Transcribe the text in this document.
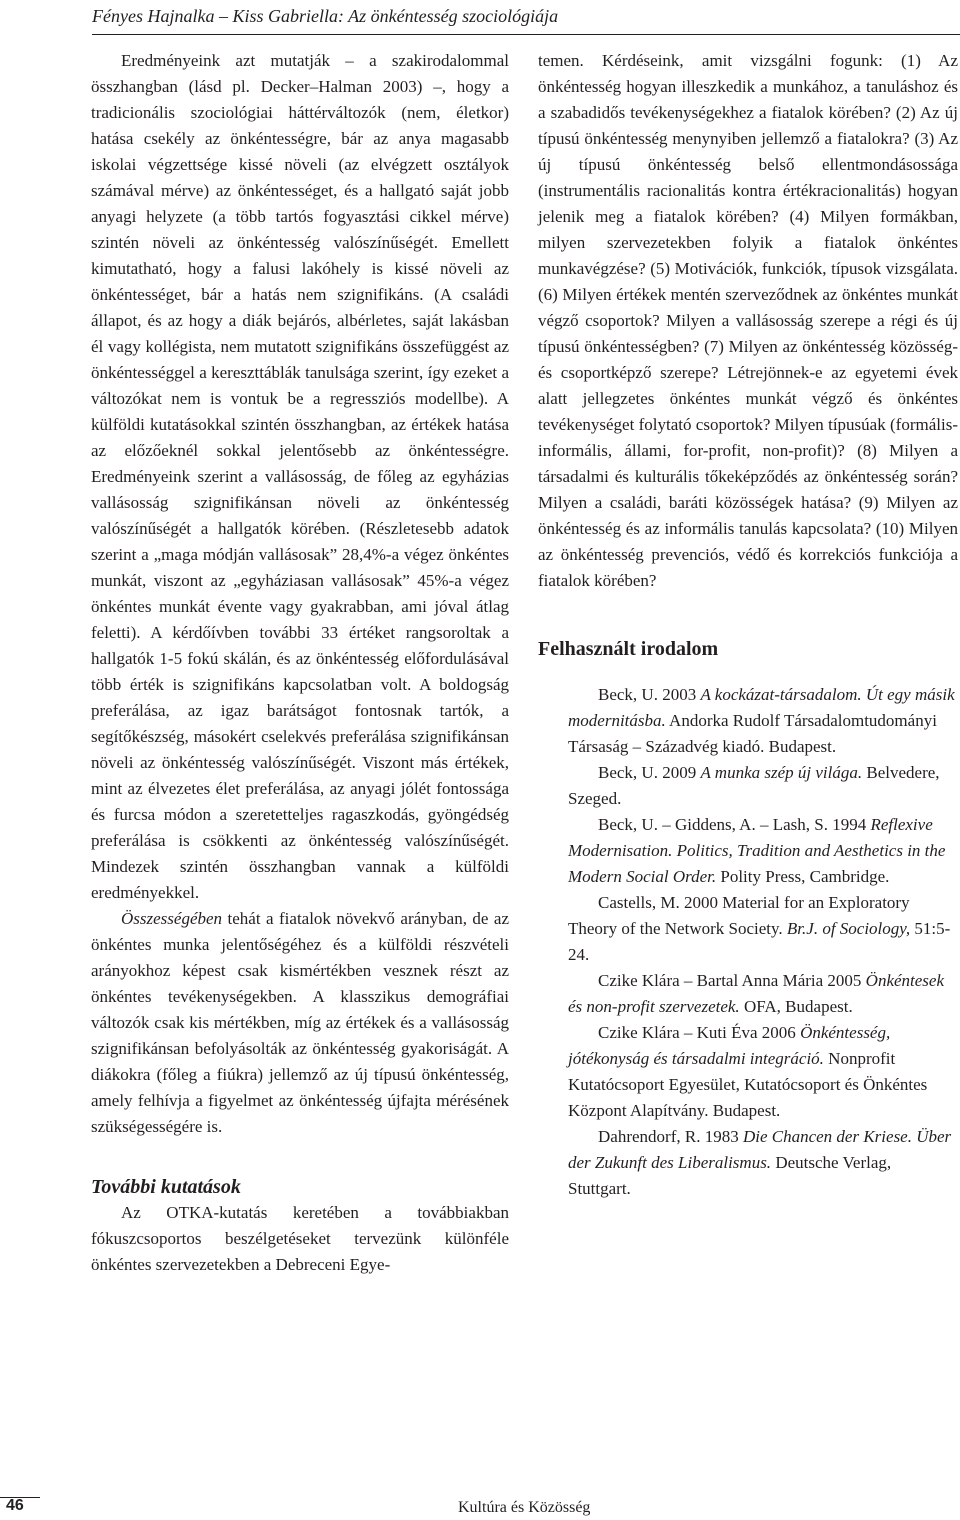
Fényes Hajnalka – Kiss Gabriella: Az önkéntesség szociológiája

Eredményeink azt mutatják – a szakirodalommal összhangban (lásd pl. Decker–Halman 2003) –, hogy a tradicionális szociológiai háttérváltozók (nem, életkor) hatása csekély az önkéntességre, bár az anya magasabb iskolai végzettsége kissé növeli (az elvégzett osztályok számával mérve) az önkéntességet, és a hallgató saját jobb anyagi helyzete (a több tartós fogyasztási cikkel mérve) szintén növeli az önkéntesség valószínűségét. Emellett kimutatható, hogy a falusi lakóhely is kissé növeli az önkéntességet, bár a hatás nem szignifikáns. (A családi állapot, és az hogy a diák bejárós, albérletes, saját lakásban él vagy kollégista, nem mutatott szignifikáns összefüggést az önkéntességgel a kereszttáblák tanulsága szerint, így ezeket a változókat nem is vontuk be a regressziós modellbe). A külföldi kutatásokkal szintén összhangban, az értékek hatása az előzőeknél sokkal jelentősebb az önkéntességre. Eredményeink szerint a vallásosság, de főleg az egyházias vallásosság szignifikánsan növeli az önkéntesség valószínűségét a hallgatók körében. (Részletesebb adatok szerint a „maga módján vallásosak” 28,4%-a végez önkéntes munkát, viszont az „egyháziasan vallásosak” 45%-a végez önkéntes munkát évente vagy gyakrabban, ami jóval átlag feletti). A kérdőívben további 33 értéket rangsoroltak a hallgatók 1-5 fokú skálán, és az önkéntesség előfordulásával több érték is szignifikáns kapcsolatban volt. A boldogság preferálása, az igaz barátságot fontosnak tartók, a segítőkészség, másokért cselekvés preferálása szignifikánsan növeli az önkéntesség valószínűségét. Viszont más értékek, mint az élvezetes élet preferálása, az anyagi jólét fontossága és furcsa módon a szeretetteljes ragaszkodás, gyöngédség preferálása is csökkenti az önkéntesség valószínűségét. Mindezek szintén összhangban vannak a külföldi eredményekkel.

Összességében tehát a fiatalok növekvő arányban, de az önkéntes munka jelentőségéhez és a külföldi részvételi arányokhoz képest csak kismértékben vesznek részt az önkéntes tevékenységekben. A klasszikus demográfiai változók csak kis mértékben, míg az értékek és a vallásosság szignifikánsan befolyásolták az önkéntesség gyakoriságát. A diákokra (főleg a fiúkra) jellemző az új típusú önkéntesség, amely felhívja a figyelmet az önkéntesség újfajta mérésének szükségességére is.

További kutatások

Az OTKA-kutatás keretében a továbbiakban fókuszcsoportos beszélgetéseket tervezünk különféle önkéntes szervezetekben a Debreceni Egye-

temen. Kérdéseink, amit vizsgálni fogunk: (1) Az önkéntesség hogyan illeszkedik a munkához, a tanuláshoz és a szabadidős tevékenységekhez a fiatalok körében? (2) Az új típusú önkéntesség menynyiben jellemző a fiatalokra? (3) Az új típusú önkéntesség belső ellentmondásossága (instrumentális racionalitás kontra értékracionalitás) hogyan jelenik meg a fiatalok körében? (4) Milyen formákban, milyen szervezetekben folyik a fiatalok önkéntes munkavégzése? (5) Motivációk, funkciók, típusok vizsgálata. (6) Milyen értékek mentén szerveződnek az önkéntes munkát végző csoportok? Milyen a vallásosság szerepe a régi és új típusú önkéntességben? (7) Milyen az önkéntesség közösség- és csoportképző szerepe? Létrejönnek-e az egyetemi évek alatt jellegzetes önkéntes munkát végző és önkéntes tevékenységet folytató csoportok? Milyen típusúak (formális-informális, állami, for-profit, non-profit)? (8) Milyen a társadalmi és kulturális tőkeképződés az önkéntesség során? Milyen a családi, baráti közösségek hatása? (9) Milyen az önkéntesség és az informális tanulás kapcsolata? (10) Milyen az önkéntesség prevenciós, védő és korrekciós funkciója a fiatalok körében?

Felhasznált irodalom

Beck, U. 2003 A kockázat-társadalom. Út egy másik modernitásba. Andorka Rudolf Társadalomtudományi Társaság – Századvég kiadó. Budapest.

Beck, U. 2009 A munka szép új világa. Belvedere, Szeged.

Beck, U. – Giddens, A. – Lash, S. 1994 Reflexive Modernisation. Politics, Tradition and Aesthetics in the Modern Social Order. Polity Press, Cambridge.

Castells, M. 2000 Material for an Exploratory Theory of the Network Society. Br.J. of Sociology, 51:5-24.

Czike Klára – Bartal Anna Mária 2005 Önkéntesek és non-profit szervezetek. OFA, Budapest.

Czike Klára – Kuti Éva 2006 Önkéntesség, jótékonyság és társadalmi integráció. Nonprofit Kutatócsoport Egyesület, Kutatócsoport és Önkéntes Központ Alapítvány. Budapest.

Dahrendorf, R. 1983 Die Chancen der Kriese. Über der Zukunft des Liberalismus. Deutsche Verlag, Stuttgart.

46	Kultúra és Közösség
